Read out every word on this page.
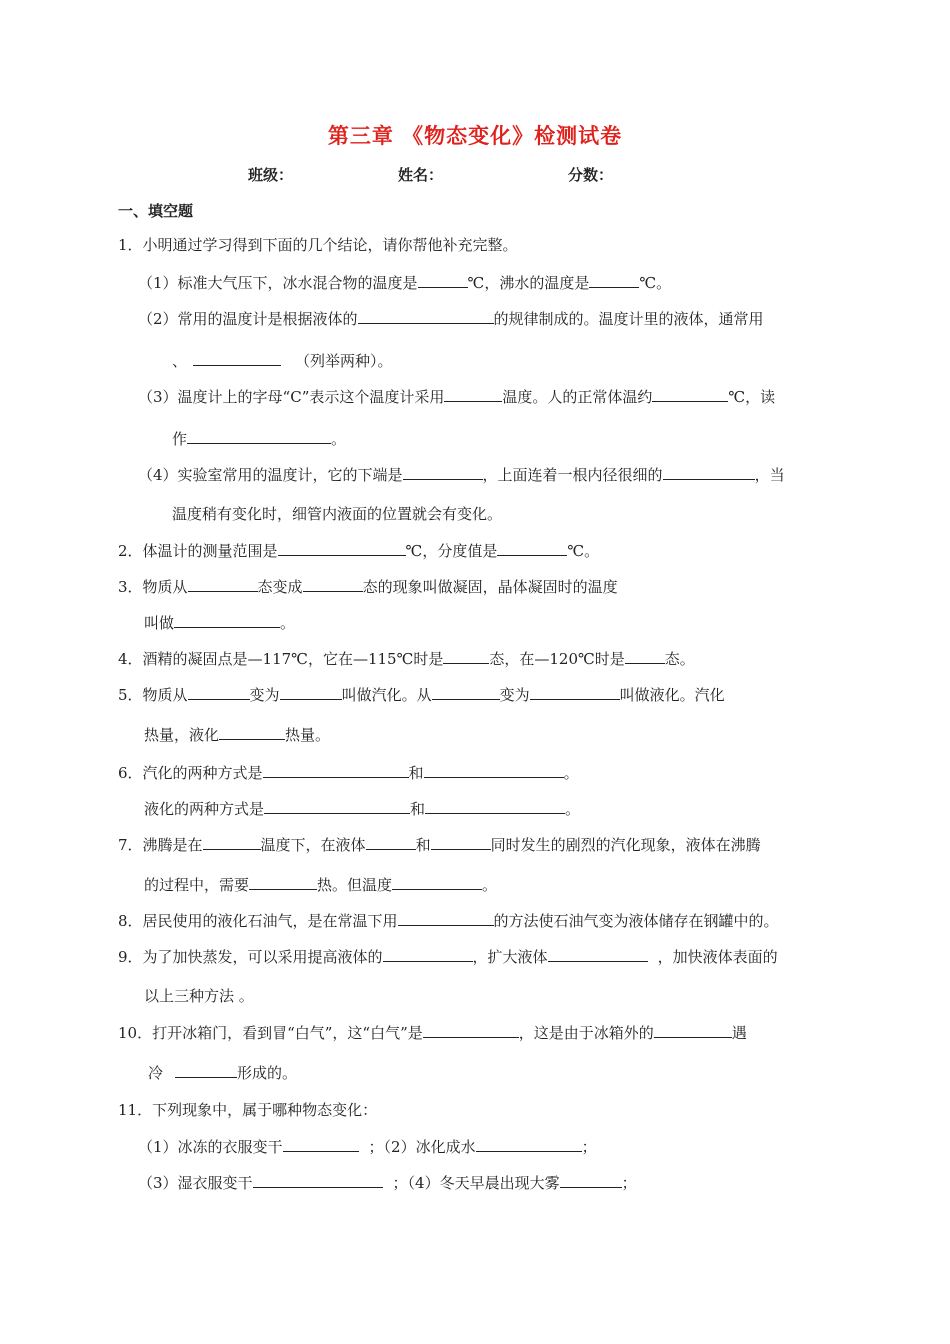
第三章 《物态变化》检测试卷
班级：	姓名：	分数：
一、填空题
1．小明通过学习得到下面的几个结论，请你帮他补充完整。
（1）标准大气压下，冰水混合物的温度是	℃，沸水的温度是	℃。
（2）常用的温度计是根据液体的	的规律制成的。温度计里的液体，通常用
、	（列举两种）。
（3）温度计上的字母“C”表示这个温度计采用	温度。人的正常体温约	℃，读
作	。
（4）实验室常用的温度计，它的下端是	，上面连着一根内径很细的	，当
温度稍有变化时，细管内液面的位置就会有变化。
2．体温计的测量范围是	℃，分度值是	℃。
3．物质从	态变成	态的现象叫做凝固，晶体凝固时的温度
叫做	。
4．酒精的凝固点是—117℃，它在—115℃时是	态，在—120℃时是	态。
5．物质从	变为	叫做汽化。从	变为	叫做液化。汽化
热量，液化	热量。
6．汽化的两种方式是	和	。
液化的两种方式是	和	。
7．沸腾是在	温度下，在液体	和	同时发生的剧烈的汽化现象，液体在沸腾
的过程中，需要	热。但温度	。
8．居民使用的液化石油气，是在常温下用	的方法使石油气变为液体储存在钢罐中的。
9．为了加快蒸发，可以采用提高液体的	，扩大液体	，加快液体表面的
以上三种方法 。
10．打开冰箱门，看到冒“白气”，这“白气”是	，这是由于冰箱外的	遇
冷	形成的。
11．下列现象中，属于哪种物态变化：
（1）冰冻的衣服变干	；（2）冰化成水	；
（3）湿衣服变干	；（4）冬天早晨出现大雾	；
